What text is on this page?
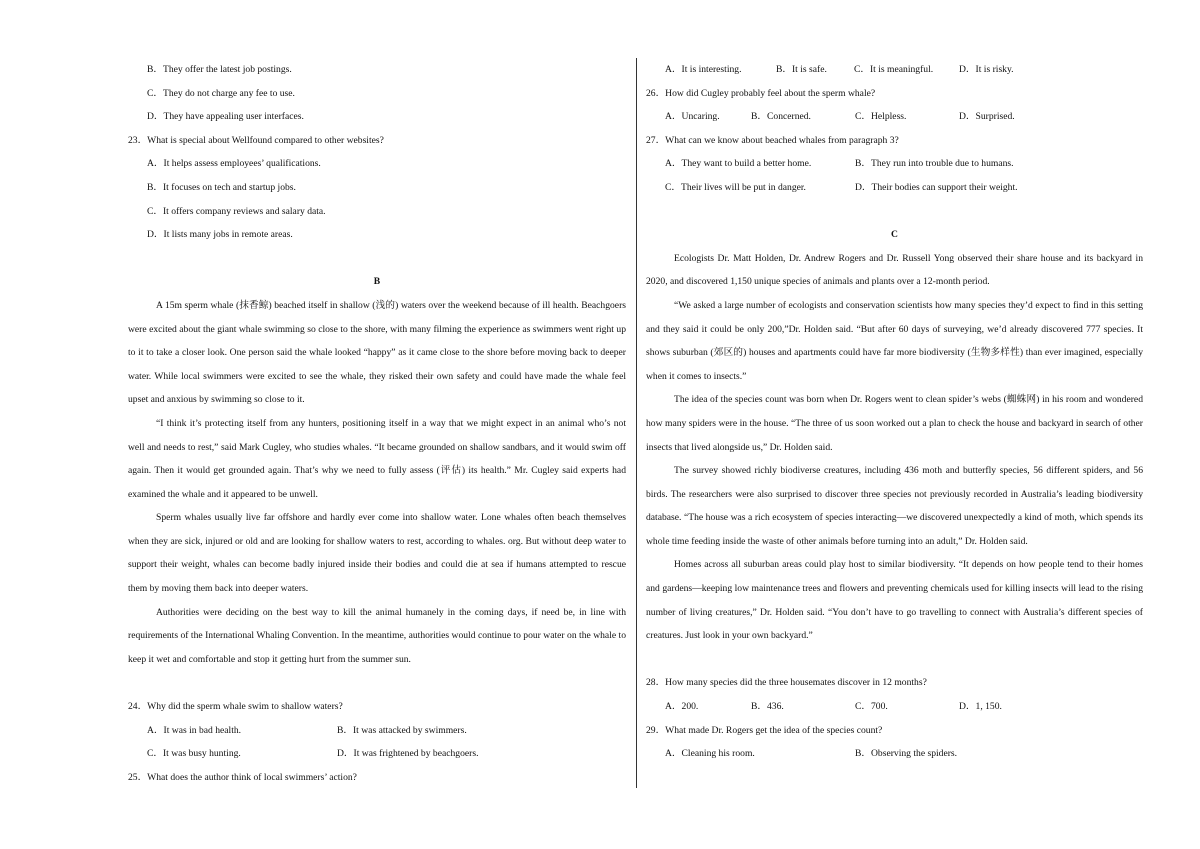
B．They offer the latest job postings.
C．They do not charge any fee to use.
D．They have appealing user interfaces.
23．What is special about Wellfound compared to other websites?
A．It helps assess employees’ qualifications.
B．It focuses on tech and startup jobs.
C．It offers company reviews and salary data.
D．It lists many jobs in remote areas.
B

A 15m sperm whale (抹香鲸) beached itself in shallow (浅的) waters over the weekend because of ill health. Beachgoers were excited about the giant whale swimming so close to the shore, with many filming the experience as swimmers went right up to it to take a closer look. One person said the whale looked “happy” as it came close to the shore before moving back to deeper water. While local swimmers were excited to see the whale, they risked their own safety and could have made the whale feel upset and anxious by swimming so close to it.

“I think it’s protecting itself from any hunters, positioning itself in a way that we might expect in an animal who’s not well and needs to rest,” said Mark Cugley, who studies whales. “It became grounded on shallow sandbars, and it would swim off again. Then it would get grounded again. That’s why we need to fully assess (评估) its health.” Mr. Cugley said experts had examined the whale and it appeared to be unwell.

Sperm whales usually live far offshore and hardly ever come into shallow water. Lone whales often beach themselves when they are sick, injured or old and are looking for shallow waters to rest, according to whales. org. But without deep water to support their weight, whales can become badly injured inside their bodies and could die at sea if humans attempted to rescue them by moving them back into deeper waters.

Authorities were deciding on the best way to kill the animal humanely in the coming days, if need be, in line with requirements of the International Whaling Convention. In the meantime, authorities would continue to pour water on the whale to keep it wet and comfortable and stop it getting hurt from the summer sun.

24．Why did the sperm whale swim to shallow waters?
A．It was in bad health.	B．It was attacked by swimmers.
C．It was busy hunting.	D．It was frightened by beachgoers.
25．What does the author think of local swimmers’ action?
A．It is interesting.	B．It is safe.	C．It is meaningful.	D．It is risky.
26．How did Cugley probably feel about the sperm whale?
A．Uncaring.	B．Concerned.	C．Helpless.	D．Surprised.
27．What can we know about beached whales from paragraph 3?
A．They want to build a better home.	B．They run into trouble due to humans.
C．Their lives will be put in danger.	D．Their bodies can support their weight.
C

Ecologists Dr. Matt Holden, Dr. Andrew Rogers and Dr. Russell Yong observed their share house and its backyard in 2020, and discovered 1,150 unique species of animals and plants over a 12-month period.

“We asked a large number of ecologists and conservation scientists how many species they’d expect to find in this setting and they said it could be only 200,”Dr. Holden said. “But after 60 days of surveying, we’d already discovered 777 species. It shows suburban (郊区的) houses and apartments could have far more biodiversity (生物多样性) than ever imagined, especially when it comes to insects.”

The idea of the species count was born when Dr. Rogers went to clean spider’s webs (蜘蛛网) in his room and wondered how many spiders were in the house. “The three of us soon worked out a plan to check the house and backyard in search of other insects that lived alongside us,” Dr. Holden said.

The survey showed richly biodiverse creatures, including 436 moth and butterfly species, 56 different spiders, and 56 birds. The researchers were also surprised to discover three species not previously recorded in Australia’s leading biodiversity database. “The house was a rich ecosystem of species interacting—we discovered unexpectedly a kind of moth, which spends its whole time feeding inside the waste of other animals before turning into an adult,” Dr. Holden said.

Homes across all suburban areas could play host to similar biodiversity. “It depends on how people tend to their homes and gardens—keeping low maintenance trees and flowers and preventing chemicals used for killing insects will lead to the rising number of living creatures,” Dr. Holden said. “You don’t have to go travelling to connect with Australia’s different species of creatures. Just look in your own backyard.”

28．How many species did the three housemates discover in 12 months?
A．200.	B．436.	C．700.	D．1, 150.
29．What made Dr. Rogers get the idea of the species count?
A．Cleaning his room.	B．Observing the spiders.
